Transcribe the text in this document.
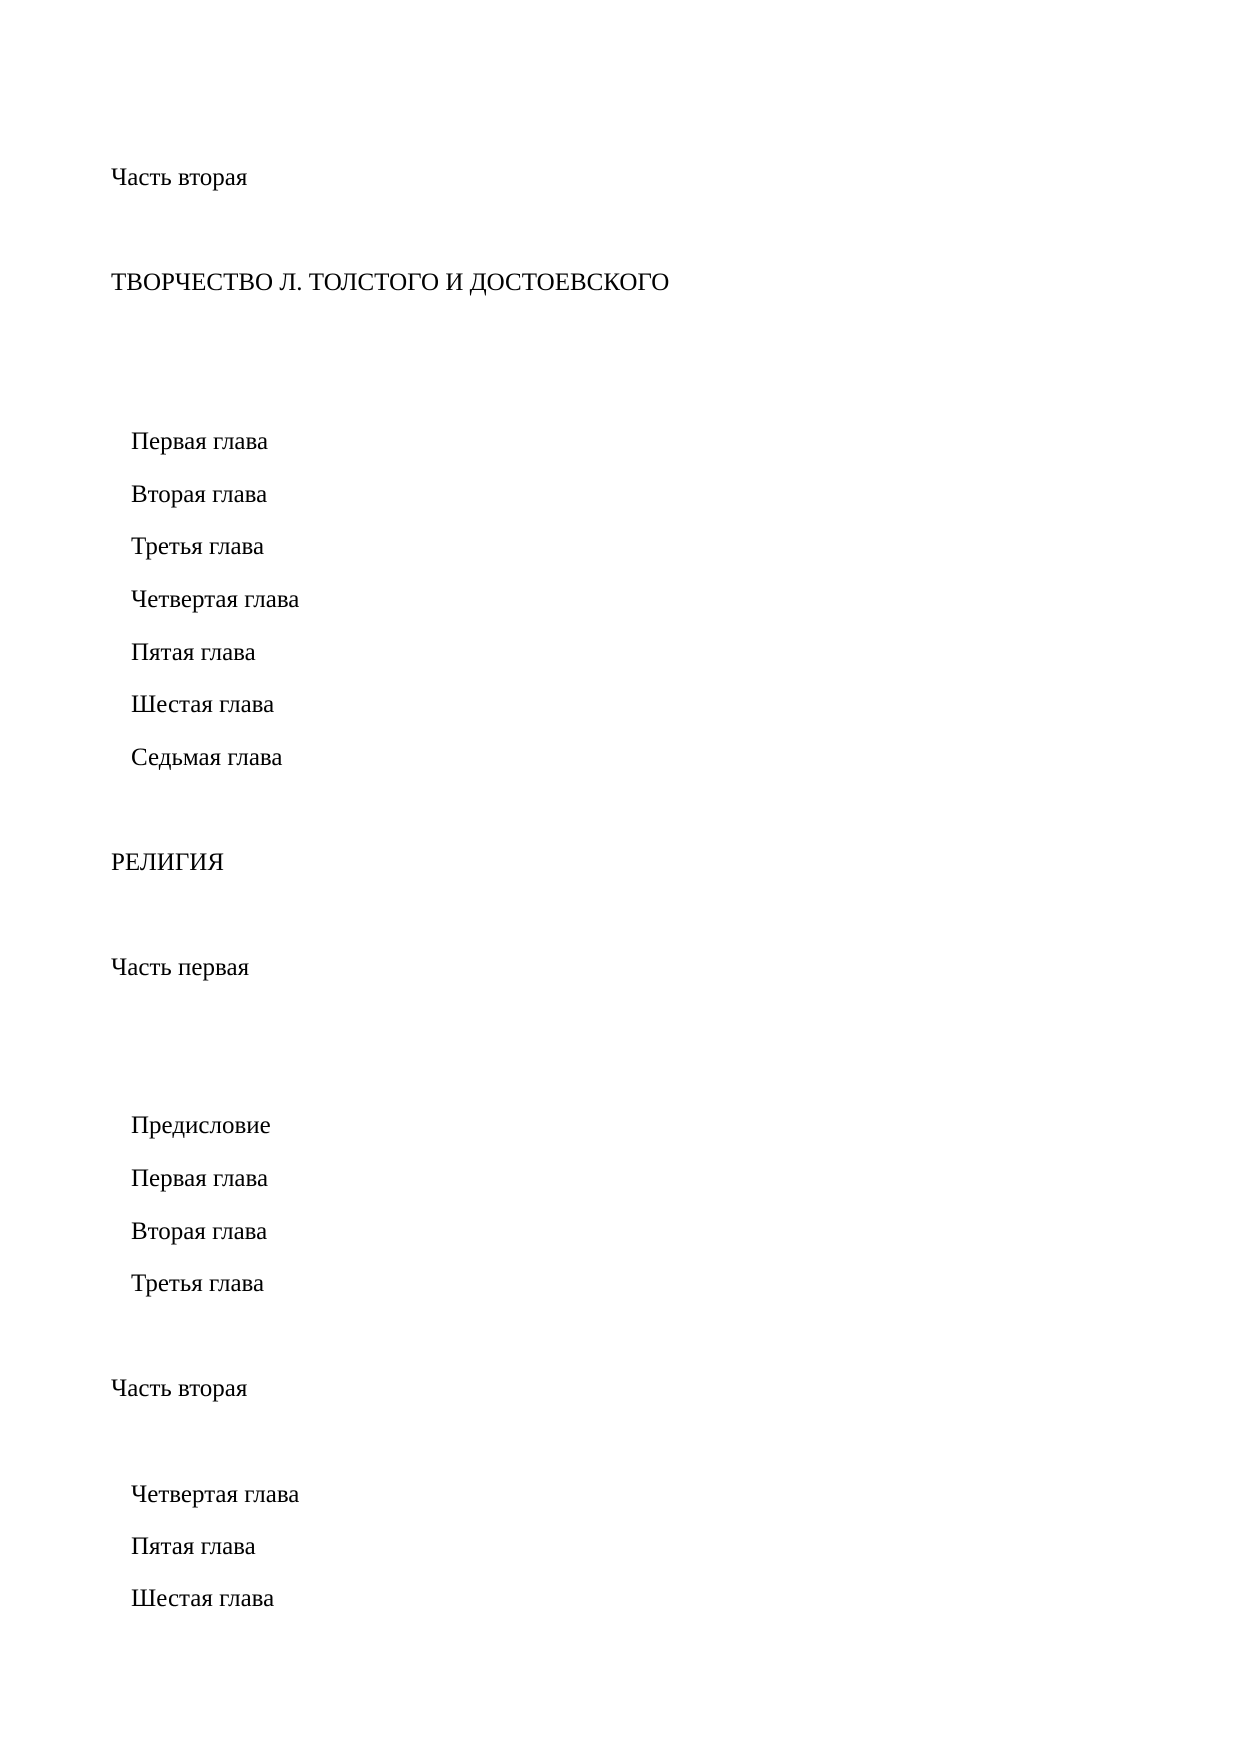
Часть вторая
ТВОРЧЕСТВО Л. ТОЛСТОГО И ДОСТОЕВСКОГО
Первая глава
Вторая глава
Третья глава
Четвертая глава
Пятая глава
Шестая глава
Седьмая глава
РЕЛИГИЯ
Часть первая
Предисловие
Первая глава
Вторая глава
Третья глава
Часть вторая
Четвертая глава
Пятая глава
Шестая глава
